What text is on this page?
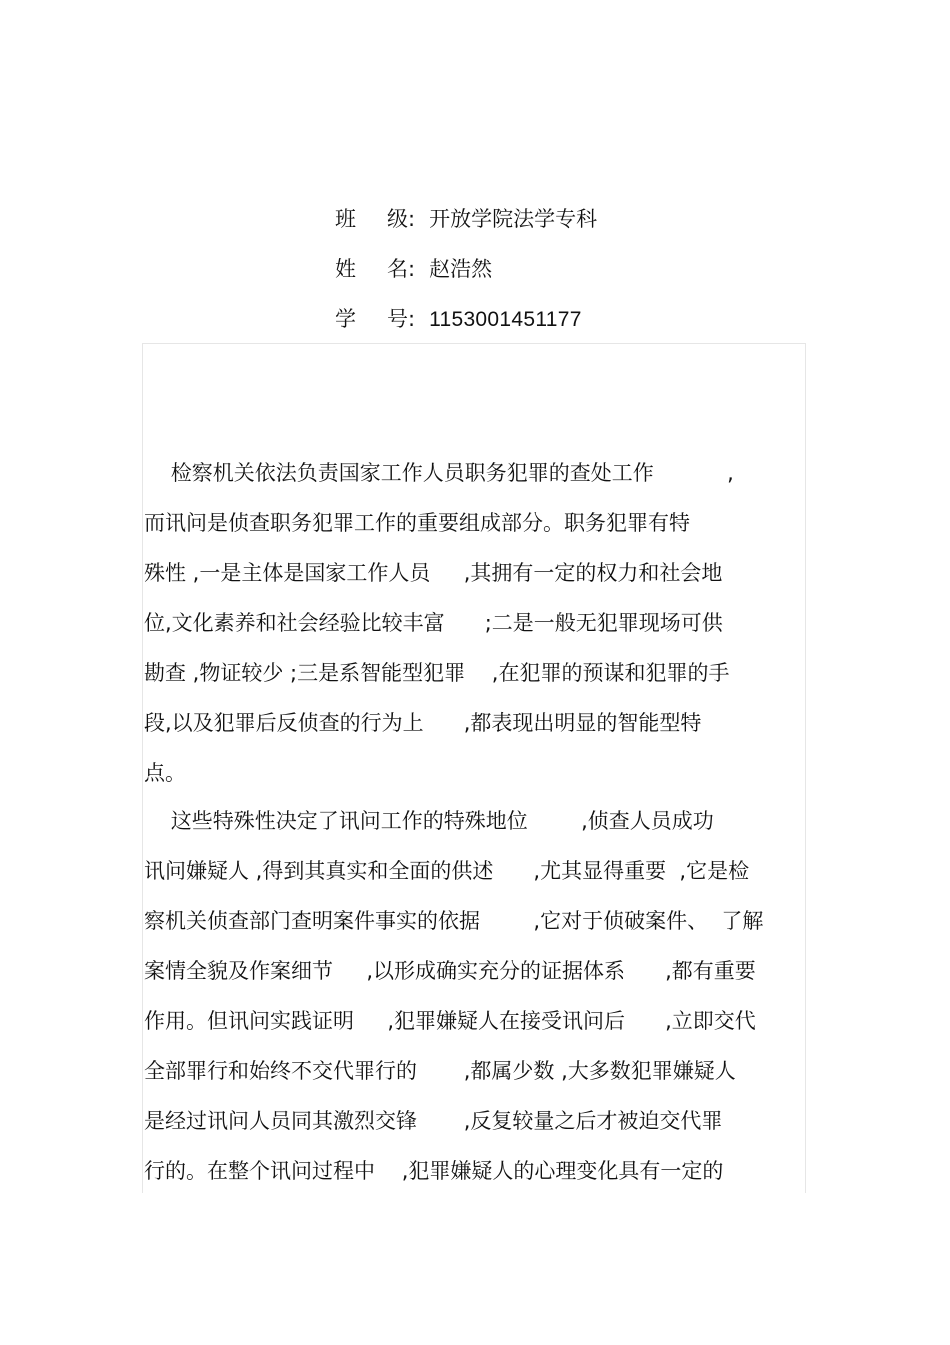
班 级: 开放学院法学专科
姓 名: 赵浩然
学 号: 1153001451177
检察机关依法负责国家工作人员职务犯罪的查处工作           ,
而讯问是侦查职务犯罪工作的重要组成部分。职务犯罪有特
殊性 ,一是主体是国家工作人员     ,其拥有一定的权力和社会地
位,文化素养和社会经验比较丰富      ;二是一般无犯罪现场可供
勘查 ,物证较少 ;三是系智能型犯罪    ,在犯罪的预谋和犯罪的手
段,以及犯罪后反侦查的行为上      ,都表现出明显的智能型特
点。
这些特殊性决定了讯问工作的特殊地位        ,侦查人员成功
讯问嫌疑人 ,得到其真实和全面的供述      ,尤其显得重要  ,它是检
察机关侦查部门查明案件事实的依据        ,它对于侦破案件、  了解
案情全貌及作案细节     ,以形成确实充分的证据体系      ,都有重要
作用。但讯问实践证明     ,犯罪嫌疑人在接受讯问后      ,立即交代
全部罪行和始终不交代罪行的       ,都属少数 ,大多数犯罪嫌疑人
是经过讯问人员同其激烈交锋       ,反复较量之后才被迫交代罪
行的。在整个讯问过程中    ,犯罪嫌疑人的心理变化具有一定的
